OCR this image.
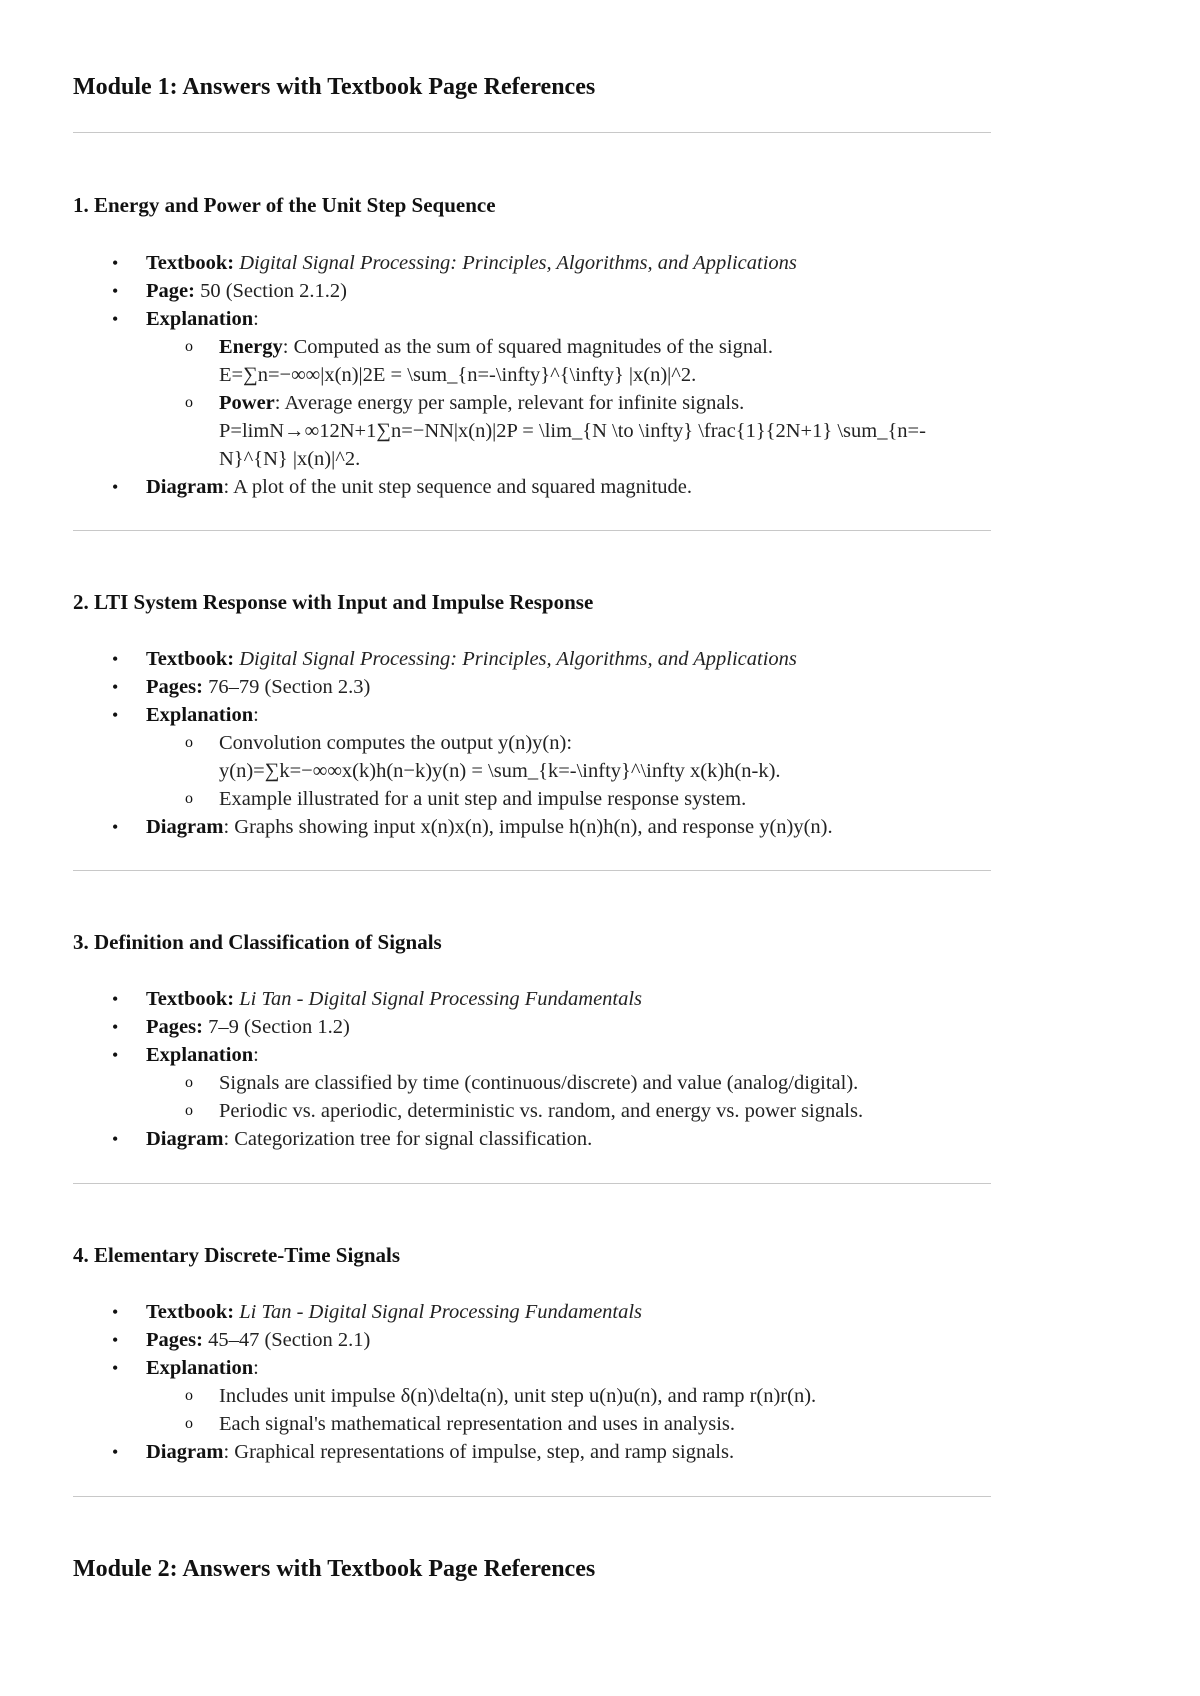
Module 1: Answers with Textbook Page References
1. Energy and Power of the Unit Step Sequence
• Textbook: Digital Signal Processing: Principles, Algorithms, and Applications
• Page: 50 (Section 2.1.2)
• Explanation:
o Energy: Computed as the sum of squared magnitudes of the signal.
E=∑n=−∞∞|x(n)|2E = \sum_{n=-\infty}^{\infty} |x(n)|^2.
o Power: Average energy per sample, relevant for infinite signals.
P=limN→∞12N+1∑n=−NN|x(n)|2P = \lim_{N \to \infty} \frac{1}{2N+1} \sum_{n=-
N}^{N} |x(n)|^2.
• Diagram: A plot of the unit step sequence and squared magnitude.
2. LTI System Response with Input and Impulse Response
• Textbook: Digital Signal Processing: Principles, Algorithms, and Applications
• Pages: 76–79 (Section 2.3)
• Explanation:
o Convolution computes the output y(n)y(n):
y(n)=∑k=−∞∞x(k)h(n−k)y(n) = \sum_{k=-\infty}^\infty x(k)h(n-k).
o Example illustrated for a unit step and impulse response system.
• Diagram: Graphs showing input x(n)x(n), impulse h(n)h(n), and response y(n)y(n).
3. Definition and Classification of Signals
• Textbook: Li Tan - Digital Signal Processing Fundamentals
• Pages: 7–9 (Section 1.2)
• Explanation:
o Signals are classified by time (continuous/discrete) and value (analog/digital).
o Periodic vs. aperiodic, deterministic vs. random, and energy vs. power signals.
• Diagram: Categorization tree for signal classification.
4. Elementary Discrete-Time Signals
• Textbook: Li Tan - Digital Signal Processing Fundamentals
• Pages: 45–47 (Section 2.1)
• Explanation:
o Includes unit impulse δ(n)\delta(n), unit step u(n)u(n), and ramp r(n)r(n).
o Each signal's mathematical representation and uses in analysis.
• Diagram: Graphical representations of impulse, step, and ramp signals.
Module 2: Answers with Textbook Page References
